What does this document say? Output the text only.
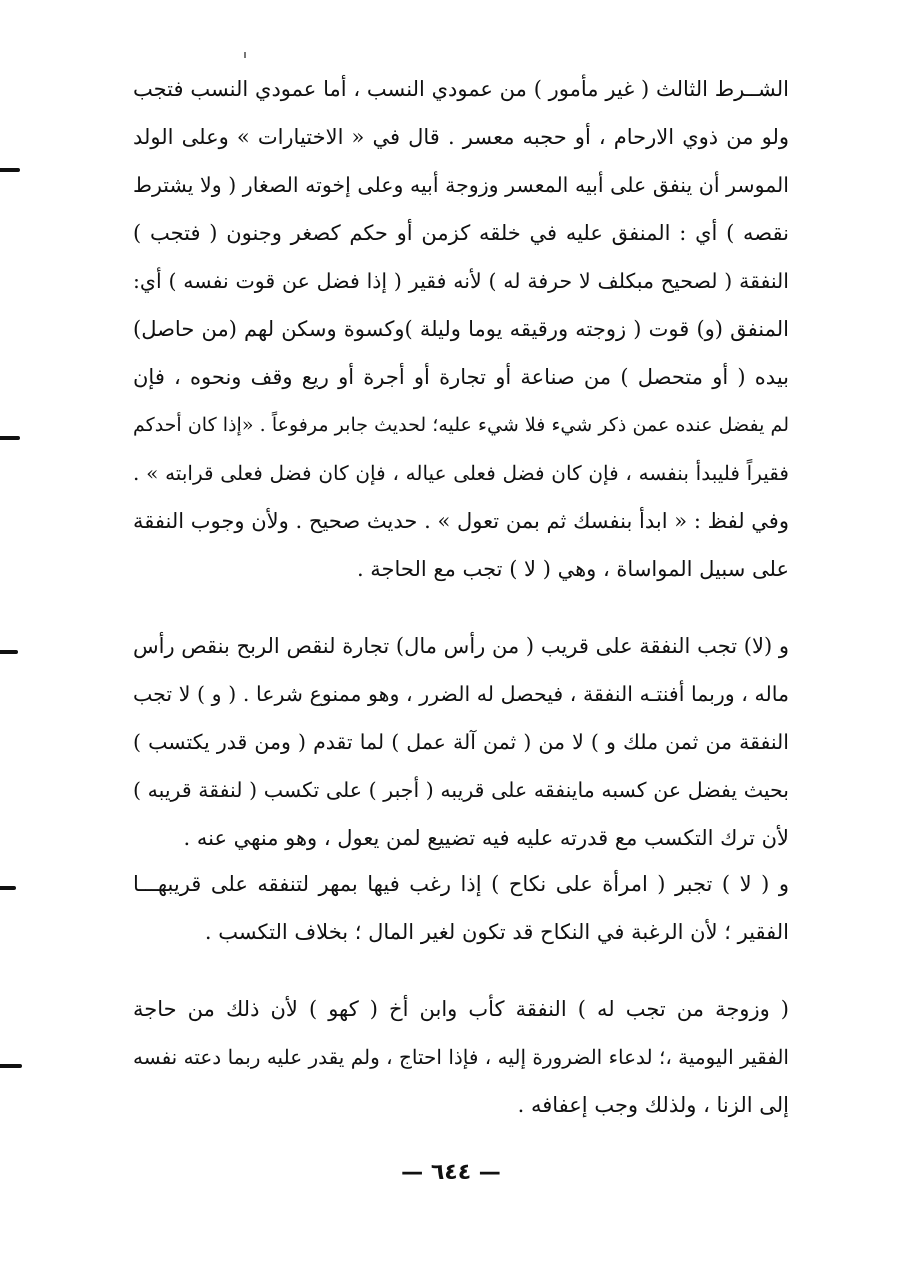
الشــرط الثالث ( غير مأمور ) من عمودي النسب ، أما عمودي النسب فتجب
ولو من ذوي الارحام ، أو حجبه معسر . قال في « الاختيارات » وعلى الولد
الموسر أن ينفق على أبيه المعسر وزوجة أبيه وعلى إخوته الصغار ( ولا يشترط
نقصه ) أي : المنفق عليه في خلقه كزمن أو حكم كصغر وجنون ( فتجب )
النفقة ( لصحيح مبكلف لا حرفة له ) لأنه فقير ( إذا فضل عن قوت نفسه ) أي:
المنفق (و) قوت ( زوجته ورقيقه يوما وليلة )وكسوة وسكن لهم (من حاصل)
بيده ( أو متحصل ) من صناعة أو تجارة أو أجرة أو ريع وقف ونحوه ، فإن
لم يفضل عنده عمن ذكر شيء فلا شيء عليه؛ لحديث جابر مرفوعاً . «إذا كان أحدكم
فقيراً فليبدأ بنفسه ، فإن كان فضل فعلى عياله ، فإن كان فضل فعلى قرابته » .
وفي لفظ : « ابدأ بنفسك ثم بمن تعول » . حديث صحيح . ولأن وجوب النفقة
على سبيل المواساة ، وهي ( لا ) تجب مع الحاجة .
و (لا) تجب النفقة على قريب ( من رأس مال) تجارة لنقص الربح بنقص رأس
ماله ، وربما أفنتـه النفقة ، فيحصل له الضرر ، وهو ممنوع شرعا . ( و ) لا تجب
النفقة من ثمن ملك و ) لا من ( ثمن آلة عمل ) لما تقدم ( ومن قدر يكتسب )
بحيث يفضل عن كسبه ماينفقه على قريبه ( أجبر ) على تكسب ( لنفقة قريبه )
لأن ترك التكسب مع قدرته عليه فيه تضييع لمن يعول ، وهو منهي عنه .
و ( لا ) تجبر ( امرأة على نكاح ) إذا رغب فيها بمهر لتنفقه على قريبهـــا
الفقير ؛ لأن الرغبة في النكاح قد تكون لغير المال ؛ بخلاف التكسب .
( وزوجة من تجب له ) النفقة كأب وابن أخ ( كهو ) لأن ذلك من حاجة
الفقير اليومية ،؛ لدعاء الضرورة إليه ، فإذا احتاج ، ولم يقدر عليه ربما دعته نفسه
إلى الزنا ، ولذلك وجب إعفافه .
— ٦٤٤ —
